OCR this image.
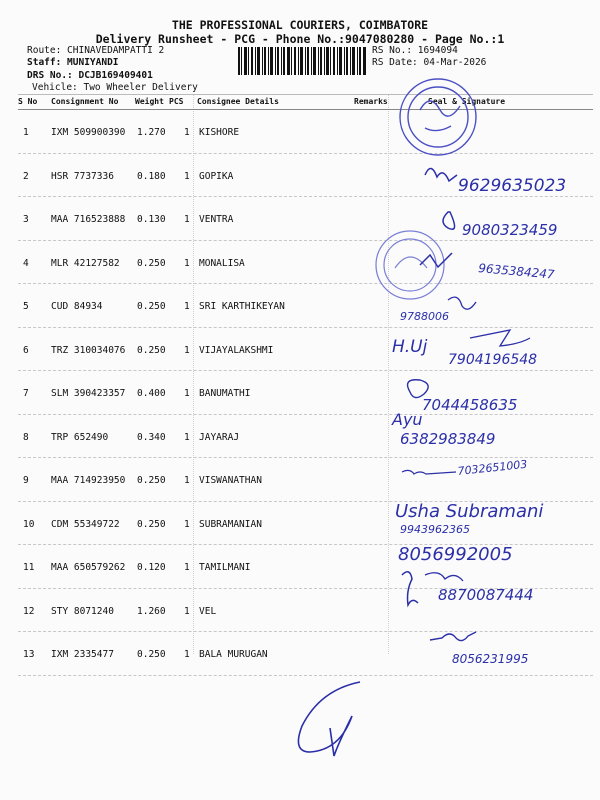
THE PROFESSIONAL COURIERS, COIMBATORE
Delivery Runsheet - PCG - Phone No.:9047080280 - Page No.:1
Route: CHINAVEDAMPATTI 2
Staff: MUNIYANDI
DRS No.: DCJB169409401
Vehicle: Two Wheeler Delivery
RS No.: 1694094
RS Date: 04-Mar-2026
S No Consignment No Weight PCS Consignee Details	Remarks	Seal & Signature
1 IXM 509900390 1.270 1 KISHORE
2 HSR 7737336 0.180 1 GOPIKA
3 MAA 716523888 0.130 1 VENTRA
4 MLR 42127582 0.250 1 MONALISA
5 CUD 84934	0.250 1 SRI KARTHIKEYAN
6 TRZ 310034076 0.250 1 VIJAYALAKSHMI
7 SLM 390423357 0.400 1 BANUMATHI
8 TRP 652490	0.340 1 JAYARAJ
9 MAA 714923950 0.250 1 VISWANATHAN
10 CDM 55349722 0.250 1 SUBRAMANIAN
11 MAA 650579262 0.120 1 TAMILMANI
12 STY 8071240 1.260 1 VEL
13 IXM 2335477 0.250 1 BALA MURUGAN
9629635023
9080323459
9635384247
9788006
H.Uj
7904196548
7044458635
Ayu
6382983849
7032651003
Usha Subramani
9943962365
8056992005
8870087444
8056231995
